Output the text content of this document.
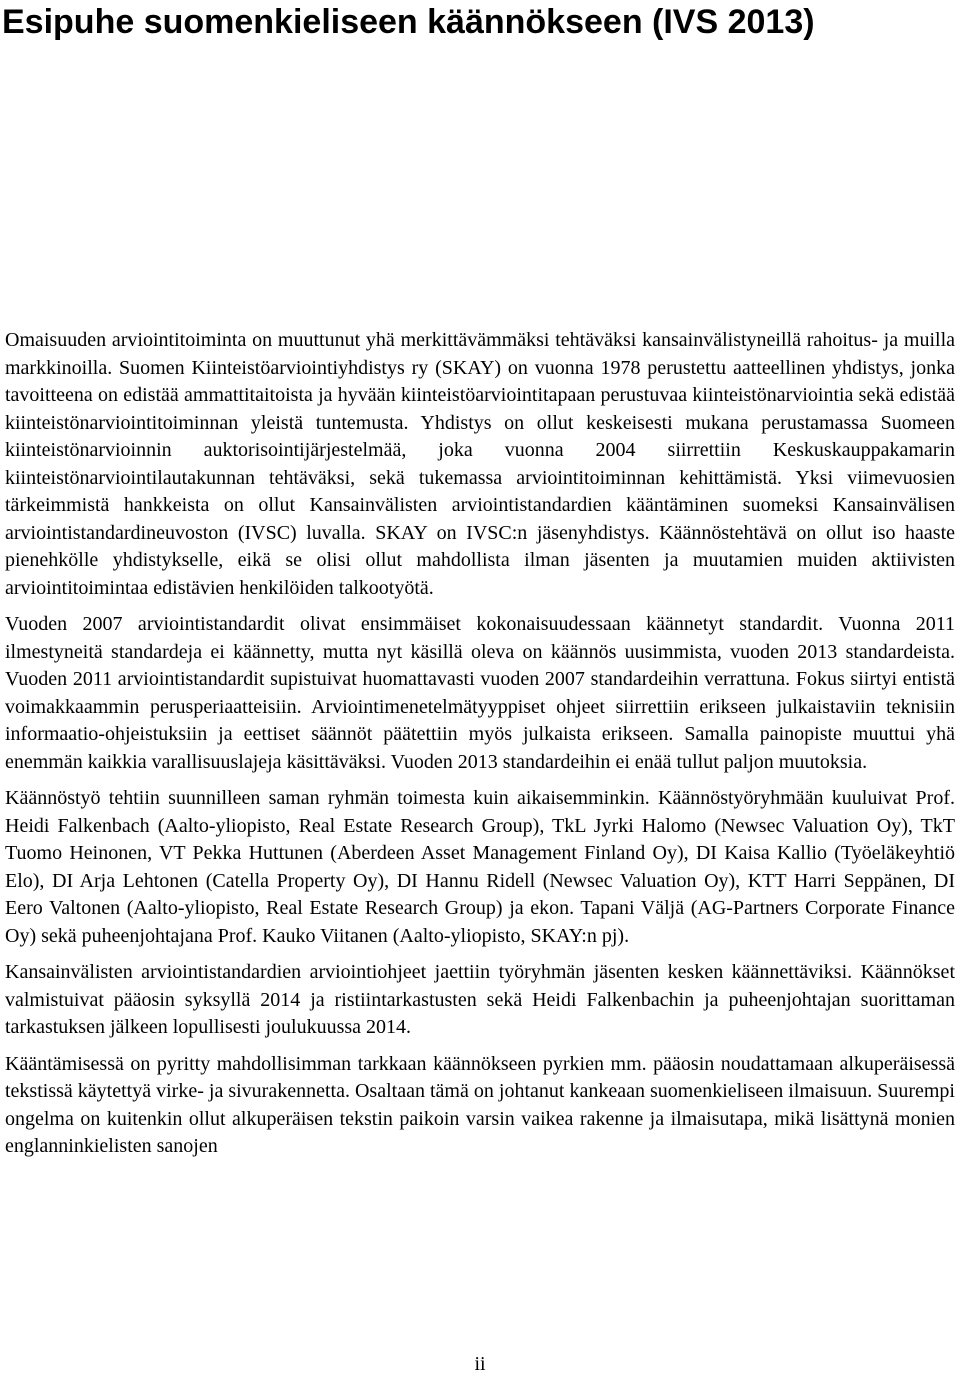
Esipuhe suomenkieliseen käännökseen (IVS 2013)

Omaisuuden arviointitoiminta on muuttunut yhä merkittävämmäksi tehtäväksi kansainvälistyneillä rahoitus- ja muilla markkinoilla. Suomen Kiinteistöarviointiyhdistys ry (SKAY) on vuonna 1978 perustettu aatteellinen yhdistys, jonka tavoitteena on edistää ammattitaitoista ja hyvään kiinteistöarviointitapaan perustuvaa kiinteistönarviointia sekä edistää kiinteistönarviointitoiminnan yleistä tuntemusta. Yhdistys on ollut keskeisesti mukana perustamassa Suomeen kiinteistönarvioinnin auktorisointijärjestelmää, joka vuonna 2004 siirrettiin Keskuskauppakamarin kiinteistönarviointilautakunnan tehtäväksi, sekä tukemassa arviointitoiminnan kehittämistä. Yksi viimevuosien tärkeimmistä hankkeista on ollut Kansainvälisten arviointistandardien kääntäminen suomeksi Kansainvälisen arviointistandardineuvoston (IVSC) luvalla. SKAY on IVSC:n jäsenyhdistys. Käännöstehtävä on ollut iso haaste pienehkölle yhdistykselle, eikä se olisi ollut mahdollista ilman jäsenten ja muutamien muiden aktiivisten arviointitoimintaa edistävien henkilöiden talkootyötä.

Vuoden 2007 arviointistandardit olivat ensimmäiset kokonaisuudessaan käännetyt standardit. Vuonna 2011 ilmestyneitä standardeja ei käännetty, mutta nyt käsillä oleva on käännös uusimmista, vuoden 2013 standardeista. Vuoden 2011 arviointistandardit supistuivat huomattavasti vuoden 2007 standardeihin verrattuna. Fokus siirtyi entistä voimakkaammin perusperiaatteisiin. Arviointimenetelmätyyppiset ohjeet siirrettiin erikseen julkaistaviin teknisiin informaatio-ohjeistuksiin ja eettiset säännöt päätettiin myös julkaista erikseen. Samalla painopiste muuttui yhä enemmän kaikkia varallisuuslajeja käsittäväksi. Vuoden 2013 standardeihin ei enää tullut paljon muutoksia.

Käännöstyö tehtiin suunnilleen saman ryhmän toimesta kuin aikaisemminkin. Käännöstyöryhmään kuuluivat Prof. Heidi Falkenbach (Aalto-yliopisto, Real Estate Research Group), TkL Jyrki Halomo (Newsec Valuation Oy), TkT Tuomo Heinonen, VT Pekka Huttunen (Aberdeen Asset Management Finland Oy), DI Kaisa Kallio (Työeläkeyhtiö Elo), DI Arja Lehtonen (Catella Property Oy), DI Hannu Ridell (Newsec Valuation Oy), KTT Harri Seppänen, DI Eero Valtonen (Aalto-yliopisto, Real Estate Research Group) ja ekon. Tapani Väljä (AG-Partners Corporate Finance Oy) sekä puheenjohtajana Prof. Kauko Viitanen (Aalto-yliopisto, SKAY:n pj).

Kansainvälisten arviointistandardien arviointiohjeet jaettiin työryhmän jäsenten kesken käännettäviksi. Käännökset valmistuivat pääosin syksyllä 2014 ja ristiintarkastusten sekä Heidi Falkenbachin ja puheenjohtajan suorittaman tarkastuksen jälkeen lopullisesti joulukuussa 2014.

Kääntämisessä on pyritty mahdollisimman tarkkaan käännökseen pyrkien mm. pääosin noudattamaan alkuperäisessä tekstissä käytettyä virke- ja sivurakennetta. Osaltaan tämä on johtanut kankeaan suomenkieliseen ilmaisuun. Suurempi ongelma on kuitenkin ollut alkuperäisen tekstin paikoin varsin vaikea rakenne ja ilmaisutapa, mikä lisättynä monien englanninkielisten sanojen

ii
